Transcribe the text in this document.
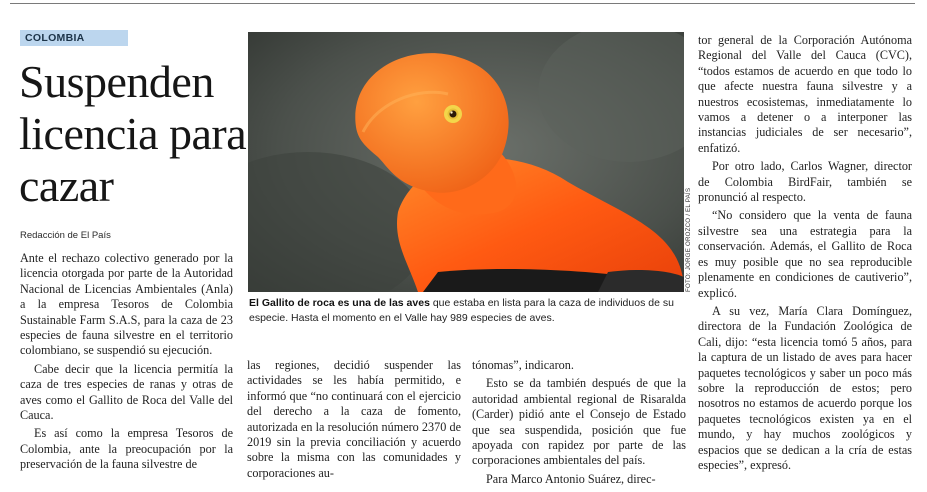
COLOMBIA
Suspenden licencia para cazar
Redacción de El País

Ante el rechazo colectivo generado por la licencia otorgada por parte de la Autoridad Nacional de Licencias Ambientales (Anla) a la empresa Tesoros de Colombia Sustainable Farm S.A.S, para la caza de 23 especies de fauna silvestre en el territorio colombiano, se suspendió su ejecución.

Cabe decir que la licencia permitía la caza de tres especies de ranas y otras de aves como el Gallito de Roca del Valle del Cauca.

Es así como la empresa Tesoros de Colombia, ante la preocupación por la preservación de la fauna silvestre de

FOTO: JORGE OROZCO / EL PAÍS
El Gallito de roca es una de las aves que estaba en lista para la caza de individuos de su especie. Hasta el momento en el Valle hay 989 especies de aves.

las regiones, decidió suspender las actividades se les había permitido, e informó que “no continuará con el ejercicio del derecho a la caza de fomento, autorizada en la resolución número 2370 de 2019 sin la previa conciliación y acuerdo sobre la misma con las comunidades y corporaciones au-

tónomas”, indicaron.

Esto se da también después de que la autoridad ambiental regional de Risaralda (Carder) pidió ante el Consejo de Estado que sea suspendida, posición que fue apoyada con rapidez por parte de las corporaciones ambientales del país.

Para Marco Antonio Suárez, direc-

tor general de la Corporación Autónoma Regional del Valle del Cauca (CVC), “todos estamos de acuerdo en que todo lo que afecte nuestra fauna silvestre y a nuestros ecosistemas, inmediatamente lo vamos a detener o a interponer las instancias judiciales de ser necesario”, enfatizó.

Por otro lado, Carlos Wagner, director de Colombia BirdFair, también se pronunció al respecto.

“No considero que la venta de fauna silvestre sea una estrategia para la conservación. Además, el Gallito de Roca es muy posible que no sea reproducible plenamente en condiciones de cautiverio”, explicó.

A su vez, María Clara Domínguez, directora de la Fundación Zoológica de Cali, dijo: “esta licencia tomó 5 años, para la captura de un listado de aves para hacer paquetes tecnológicos y saber un poco más sobre la reproducción de estos; pero nosotros no estamos de acuerdo porque los paquetes tecnológicos existen ya en el mundo, y hay muchos zoológicos y espacios que se dedican a la cría de estas especies”, expresó.
